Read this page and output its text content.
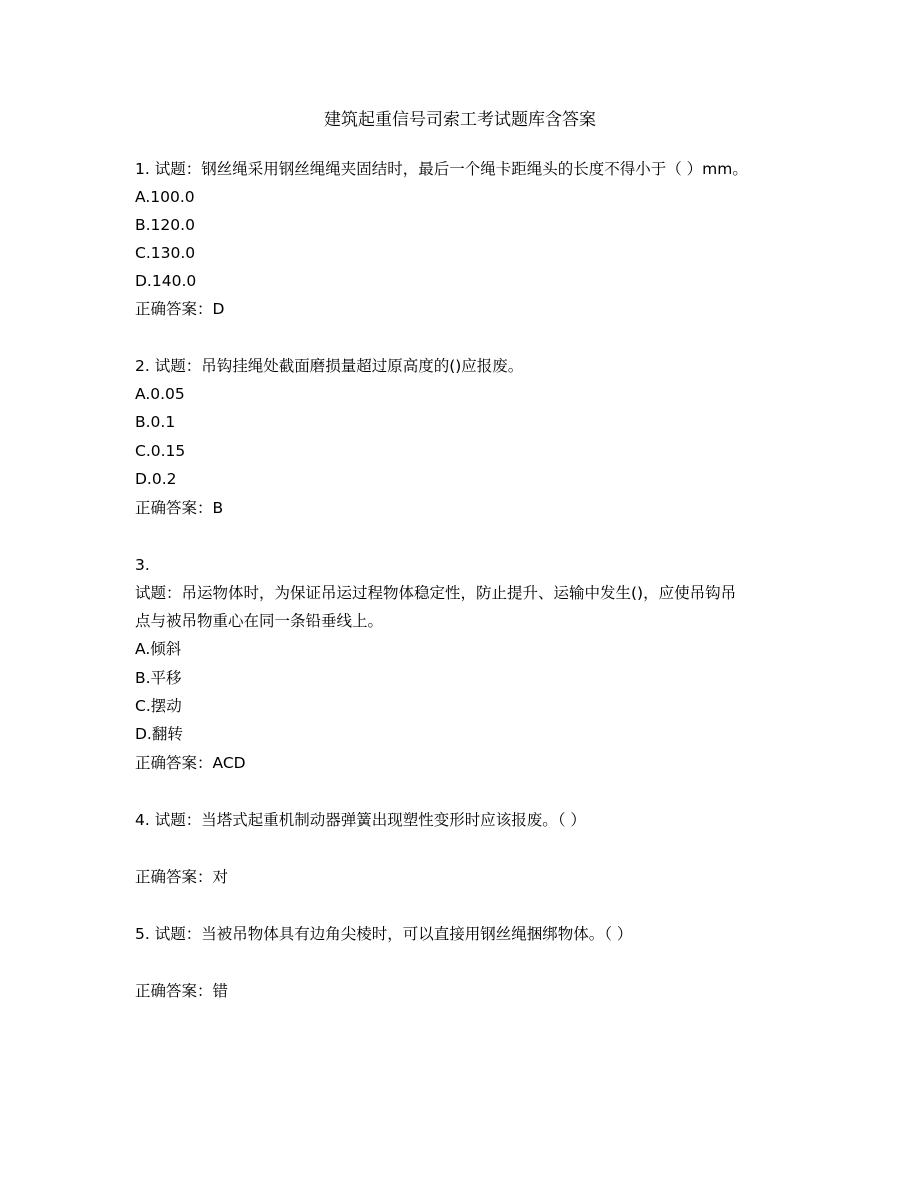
建筑起重信号司索工考试题库含答案

1. 试题：钢丝绳采用钢丝绳绳夹固结时，最后一个绳卡距绳头的长度不得小于（ ）mm。

A.100.0

B.120.0

C.130.0

D.140.0

正确答案：D

2. 试题：吊钩挂绳处截面磨损量超过原高度的()应报废。

A.0.05

B.0.1

C.0.15

D.0.2

正确答案：B

3.

试题：吊运物体时，为保证吊运过程物体稳定性，防止提升、运输中发生()，应使吊钩吊

点与被吊物重心在同一条铅垂线上。

A.倾斜

B.平移

C.摆动

D.翻转

正确答案：ACD

4. 试题：当塔式起重机制动器弹簧出现塑性变形时应该报废。（ ）

正确答案：对

5. 试题：当被吊物体具有边角尖棱时，可以直接用钢丝绳捆绑物体。（ ）

正确答案：错
